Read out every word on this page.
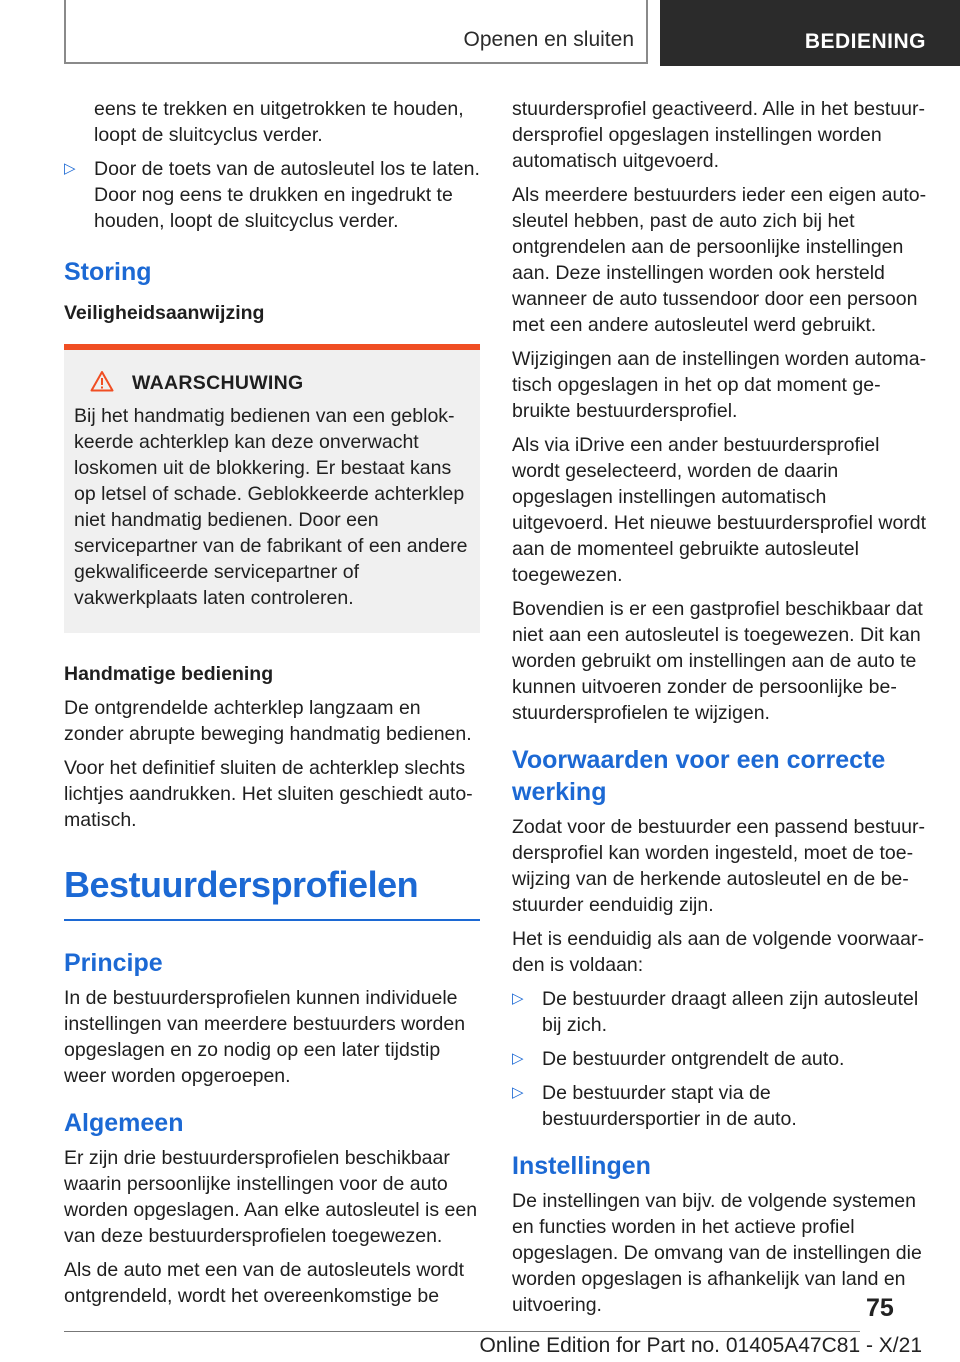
Openen en sluiten	BEDIENING

eens te trekken en uitgetrokken te houden, loopt de sluitcyclus verder.

▷ Door de toets van de autosleutel los te laten. Door nog eens te drukken en ingedrukt te houden, loopt de sluitcyclus verder.
Storing
Veiligheidsaanwijzing
WAARSCHUWING

Bij het handmatig bedienen van een geblokkeerde achterklep kan deze onverwacht loskomen uit de blokkering. Er bestaat kans op letsel of schade. Geblokkeerde achterklep niet handmatig bedienen. Door een servicepartner van de fabrikant of een andere gekwalificeerde servicepartner of vakwerkplaats laten controleren.

Handmatige bediening

De ontgrendelde achterklep langzaam en zonder abrupte beweging handmatig bedienen.

Voor het definitief sluiten de achterklep slechts lichtjes aandrukken. Het sluiten geschiedt automatisch.

Bestuurdersprofielen
Principe

In de bestuurdersprofielen kunnen individuele instellingen van meerdere bestuurders worden opgeslagen en zo nodig op een later tijdstip weer worden opgeroepen.

Algemeen

Er zijn drie bestuurdersprofielen beschikbaar waarin persoonlijke instellingen voor de auto worden opgeslagen. Aan elke autosleutel is een van deze bestuurdersprofielen toegewezen.

Als de auto met een van de autosleutels wordt ontgrendeld, wordt het overeenkomstige be

stuurdersprofiel geactiveerd. Alle in het bestuurdersprofiel opgeslagen instellingen worden automatisch uitgevoerd.

Als meerdere bestuurders ieder een eigen autosleutel hebben, past de auto zich bij het ontgrendelen aan de persoonlijke instellingen aan. Deze instellingen worden ook hersteld wanneer de auto tussendoor door een persoon met een andere autosleutel werd gebruikt.

Wijzigingen aan de instellingen worden automatisch opgeslagen in het op dat moment gebruikte bestuurdersprofiel.

Als via iDrive een ander bestuurdersprofiel wordt geselecteerd, worden de daarin opgeslagen instellingen automatisch uitgevoerd. Het nieuwe bestuurdersprofiel wordt aan de momenteel gebruikte autosleutel toegewezen.

Bovendien is er een gastprofiel beschikbaar dat niet aan een autosleutel is toegewezen. Dit kan worden gebruikt om instellingen aan de auto te kunnen uitvoeren zonder de persoonlijke bestuurdersprofielen te wijzigen.

Voorwaarden voor een correcte werking

Zodat voor de bestuurder een passend bestuurdersprofiel kan worden ingesteld, moet de toewijzing van de herkende autosleutel en de bestuurder eenduidig zijn.

Het is eenduidig als aan de volgende voorwaarden is voldaan:

▷ De bestuurder draagt alleen zijn autosleutel bij zich.
▷ De bestuurder ontgrendelt de auto.
▷ De bestuurder stapt via de bestuurdersportier in de auto.
Instellingen

De instellingen van bijv. de volgende systemen en functies worden in het actieve profiel opgeslagen. De omvang van de instellingen die worden opgeslagen is afhankelijk van land en uitvoering.	75
Online Edition for Part no. 01405A47C81 - X/21
